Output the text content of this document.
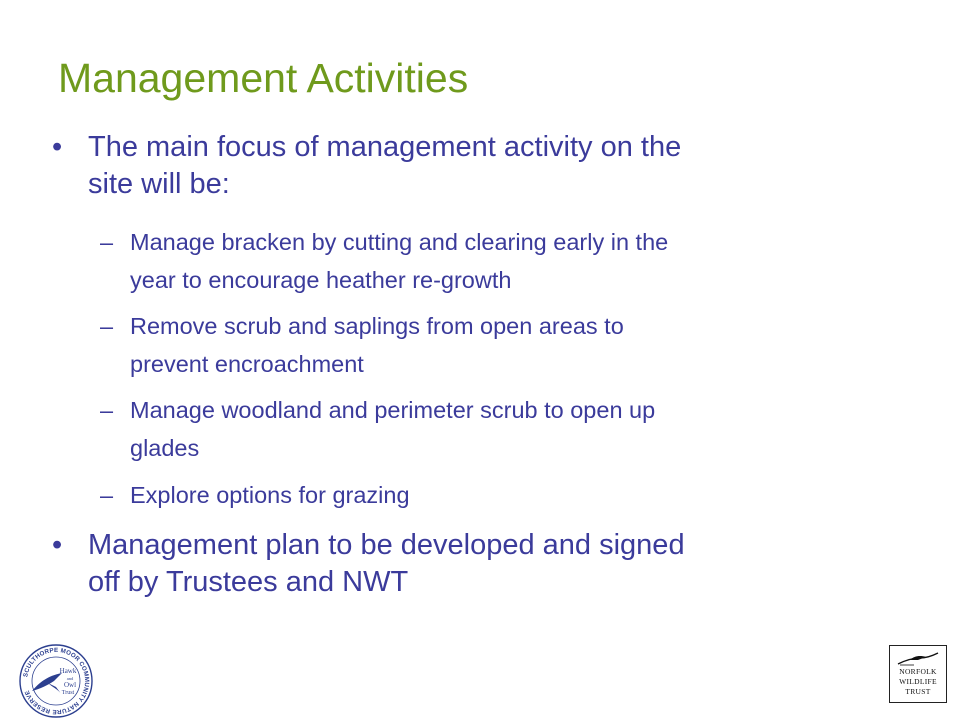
Management Activities
• The main focus of management activity on the
site will be:
– Manage bracken by cutting and clearing early in the
year to encourage heather re-growth
– Remove scrub and saplings from open areas to
prevent encroachment
– Manage woodland and perimeter scrub to open up
glades
– Explore options for grazing
• Management plan to be developed and signed
off by Trustees and NWT
SCULTHORPE MOOR COMMUNITY NATURE RESERVE
Hawk
and
Owl
Trust
NORFOLK
WILDLIFE
TRUST
